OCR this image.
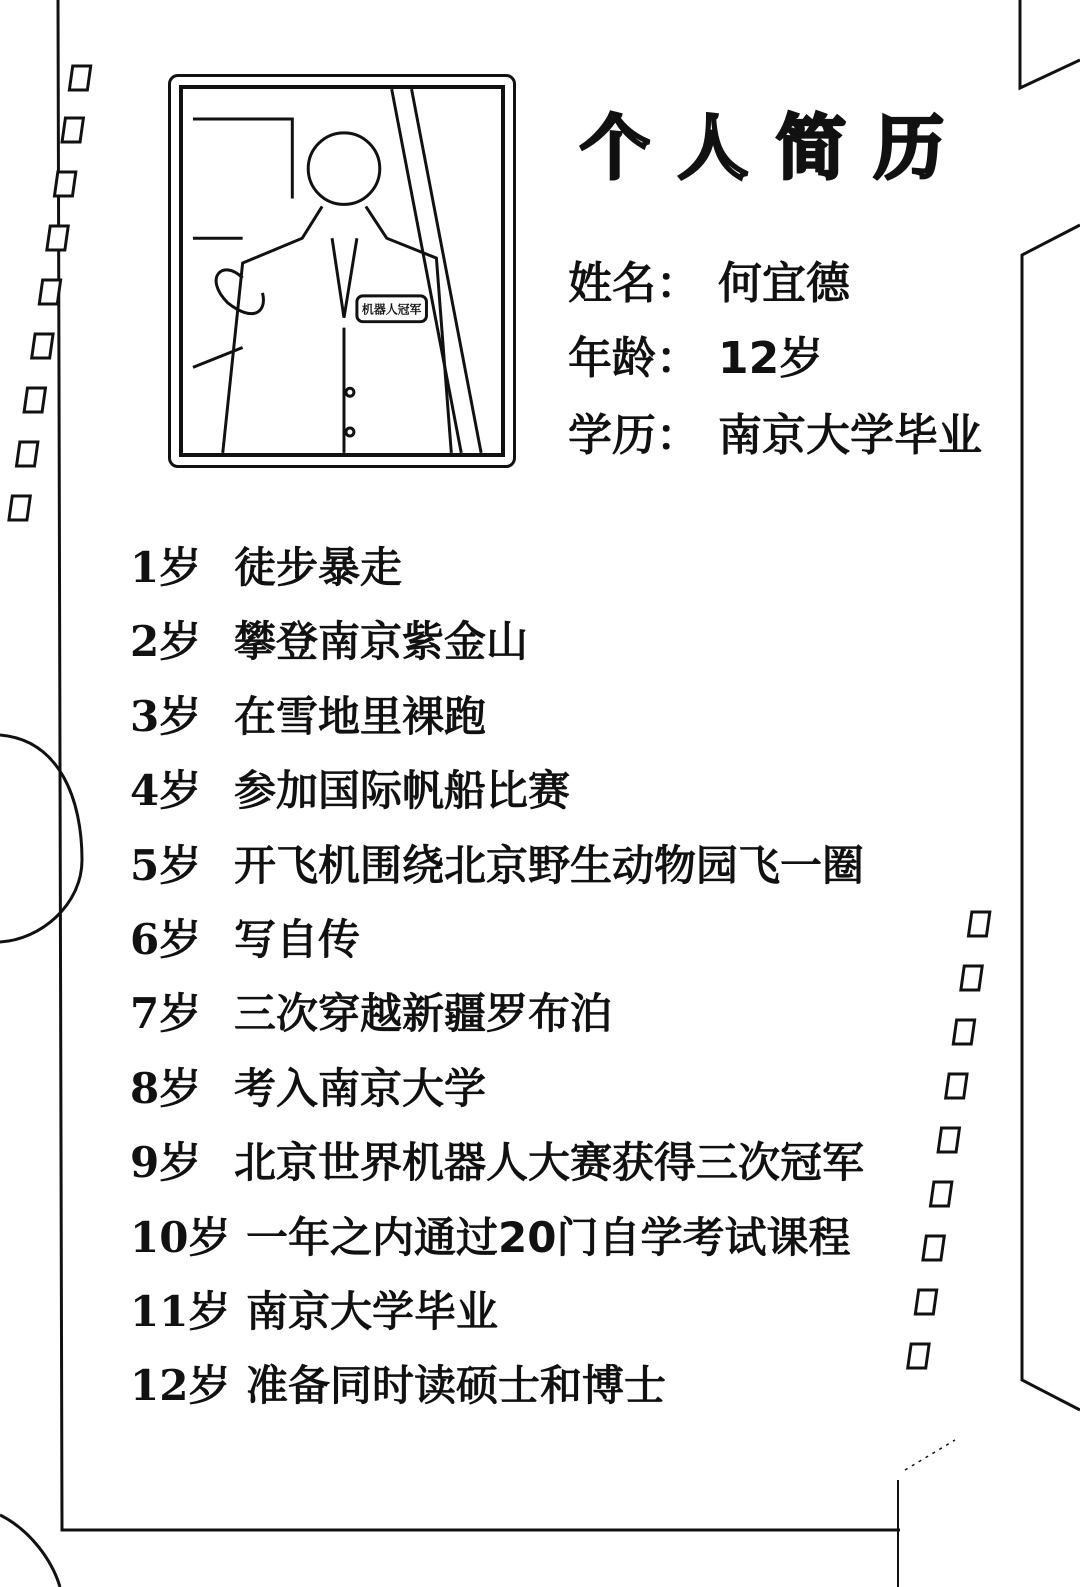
机器人冠军
个人简历
姓名： 何宜德
年龄： 12岁
学历： 南京大学毕业
1岁 徒步暴走
2岁 攀登南京紫金山
3岁 在雪地里裸跑
4岁 参加国际帆船比赛
5岁 开飞机围绕北京野生动物园飞一圈
6岁 写自传
7岁 三次穿越新疆罗布泊
8岁 考入南京大学
9岁 北京世界机器人大赛获得三次冠军
10岁 一年之内通过20门自学考试课程
11岁 南京大学毕业
12岁 准备同时读硕士和博士
